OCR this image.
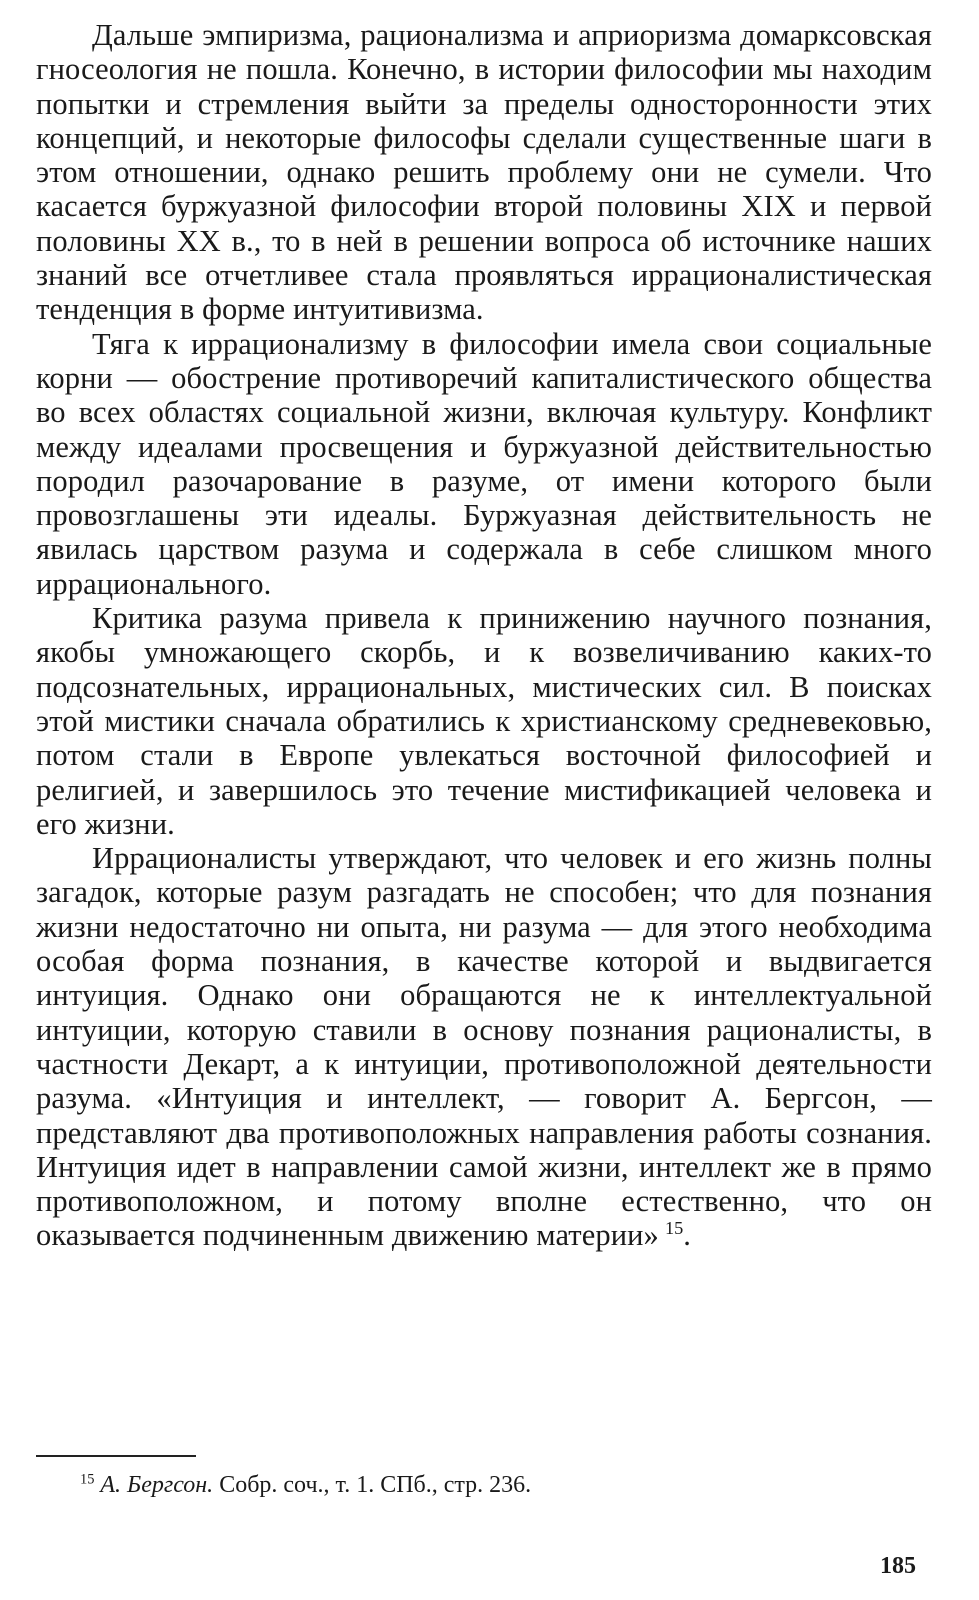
Дальше эмпиризма, рационализма и априоризма домарксовская гносеология не пошла. Конечно, в истории философии мы находим попытки и стремления выйти за пределы односторонности этих концепций, и некоторые философы сделали существенные шаги в этом отношении, однако решить проблему они не сумели. Что касается буржуазной философии второй половины XIX и первой половины XX в., то в ней в решении вопроса об источнике наших знаний все отчетливее стала проявляться иррационалистическая тенденция в форме интуитивизма.

Тяга к иррационализму в философии имела свои социальные корни — обострение противоречий капиталистического общества во всех областях социальной жизни, включая культуру. Конфликт между идеалами просвещения и буржуазной действительностью породил разочарование в разуме, от имени которого были провозглашены эти идеалы. Буржуазная действительность не явилась царством разума и содержала в себе слишком много иррационального.

Критика разума привела к принижению научного познания, якобы умножающего скорбь, и к возвеличиванию каких-то подсознательных, иррациональных, мистических сил. В поисках этой мистики сначала обратились к христианскому средневековью, потом стали в Европе увлекаться восточной философией и религией, и завершилось это течение мистификацией человека и его жизни.

Иррационалисты утверждают, что человек и его жизнь полны загадок, которые разум разгадать не способен; что для познания жизни недостаточно ни опыта, ни разума — для этого необходима особая форма познания, в качестве которой и выдвигается интуиция. Однако они обращаются не к интеллектуальной интуиции, которую ставили в основу познания рационалисты, в частности Декарт, а к интуиции, противоположной деятельности разума. «Интуиция и интеллект, — говорит А. Бергсон, — представляют два противоположных направления работы сознания. Интуиция идет в направлении самой жизни, интеллект же в прямо противоположном, и потому вполне естественно, что он оказывается подчиненным движению материи»  $^{15}$.

$^{15}$ А. Бергсон. Собр. соч., т. 1. СПб., стр. 236.

185
